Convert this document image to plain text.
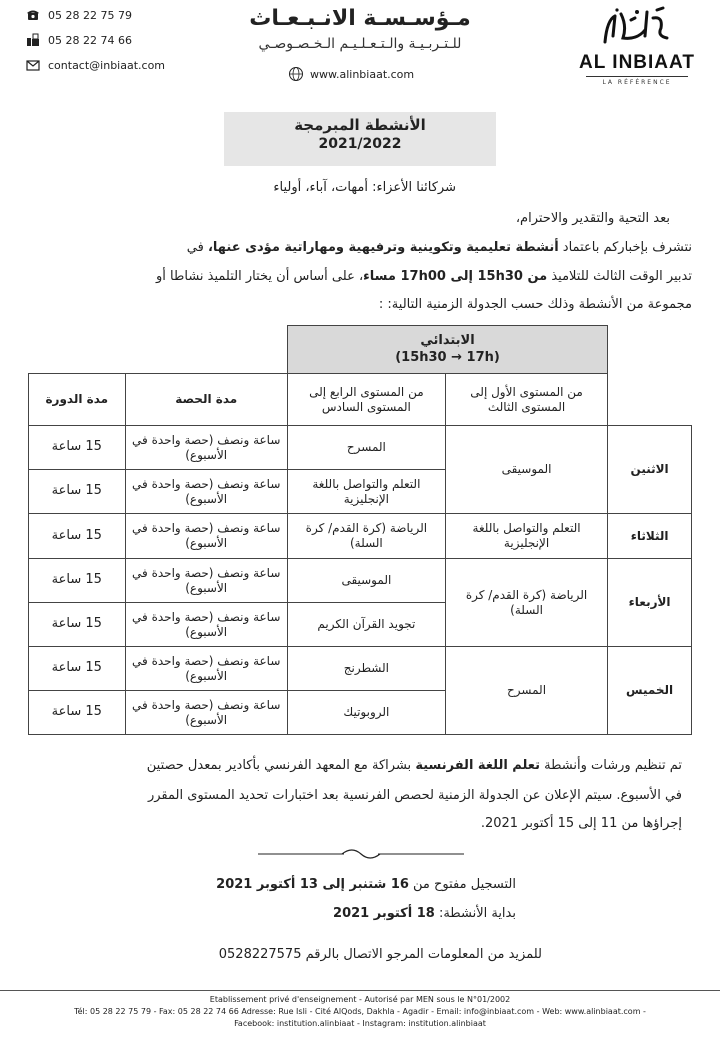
05 28 22 75 79
05 28 22 74 66
contact@inbiaat.com
مـؤسـسـة الانـبـعـاث
للـتـربـيـة والـتـعـلـيـم الـخـصـوصـي
www.alinbiaat.com
AL INBIAAT
LA RÉFÉRENCE
الأنشطة المبرمجة
2021/2022
شركائنا الأعزاء: أمهات، آباء، أولياء
بعد التحية والتقدير والاحترام،
نتشرف بإخباركم باعتماد أنشطة تعليمية وتكوينية وترفيهية ومهاراتية مؤدى عنها، في
تدبير الوقت الثالث للتلاميذ من 15h30 إلى 17h00 مساء، على أساس أن يختار التلميذ نشاطا أو
مجموعة من الأنشطة وذلك حسب الجدولة الزمنية التالية: :

	الابتدائي
(15h30 → 17h)			

	من المستوى الأول إلى المستوى الثالث	من المستوى الرابع إلى المستوى السادس	مدة الحصة	مدة الدورة
الاثنين	الموسيقى	المسرح	ساعة ونصف (حصة واحدة في الأسبوع)	15 ساعة
		التعلم والتواصل باللغة الإنجليزية	ساعة ونصف (حصة واحدة في الأسبوع)	15 ساعة
الثلاثاء	التعلم والتواصل باللغة الإنجليزية	الرياضة (كرة القدم/ كرة السلة)	ساعة ونصف (حصة واحدة في الأسبوع)	15 ساعة
الأربعاء	الرياضة (كرة القدم/ كرة السلة)	الموسيقى	ساعة ونصف (حصة واحدة في الأسبوع)	15 ساعة
		تجويد القرآن الكريم	ساعة ونصف (حصة واحدة في الأسبوع)	15 ساعة
الخميس	المسرح	الشطرنج	ساعة ونصف (حصة واحدة في الأسبوع)	15 ساعة
		الروبوتيك	ساعة ونصف (حصة واحدة في الأسبوع)	15 ساعة
تم تنظيم ورشات وأنشطة تعلم اللغة الفرنسية بشراكة مع المعهد الفرنسي بأكادير بمعدل حصتين
في الأسبوع. سيتم الإعلان عن الجدولة الزمنية لحصص الفرنسية بعد اختبارات تحديد المستوى المقرر
إجراؤها من 11 إلى 15 أكتوبر 2021.
التسجيل مفتوح من 16 شتنبر إلى 13 أكتوبر 2021
بداية الأنشطة: 18 أكتوبر 2021
للمزيد من المعلومات المرجو الاتصال بالرقم 0528227575
Etablissement privé d'enseignement - Autorisé par MEN sous le N°01/2002
Tél: 05 28 22 75 79 - Fax: 05 28 22 74 66 Adresse: Rue Isli - Cité AlQods, Dakhla - Agadir - Email: info@inbiaat.com - Web: www.alinbiaat.com -
Facebook: institution.alinbiaat - Instagram: institution.alinbiaat
